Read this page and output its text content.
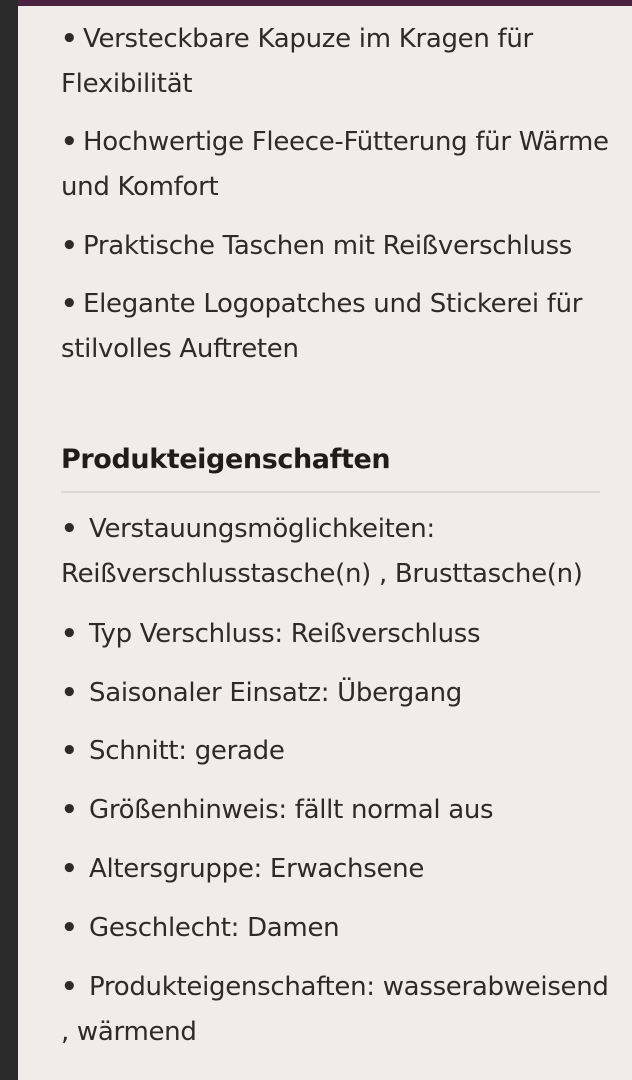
• Versteckbare Kapuze im Kragen für Flexibilität

• Hochwertige Fleece-Fütterung für Wärme und Komfort

• Praktische Taschen mit Reißverschluss

• Elegante Logopatches und Stickerei für stilvolles Auftreten

Produkteigenschaften

• Verstauungsmöglichkeiten: Reißverschlusstasche(n) , Brusttasche(n)

• Typ Verschluss: Reißverschluss

• Saisonaler Einsatz: Übergang

• Schnitt: gerade

• Größenhinweis: fällt normal aus

• Altersgruppe: Erwachsene

• Geschlecht: Damen

• Produkteigenschaften: wasserabweisend , wärmend
